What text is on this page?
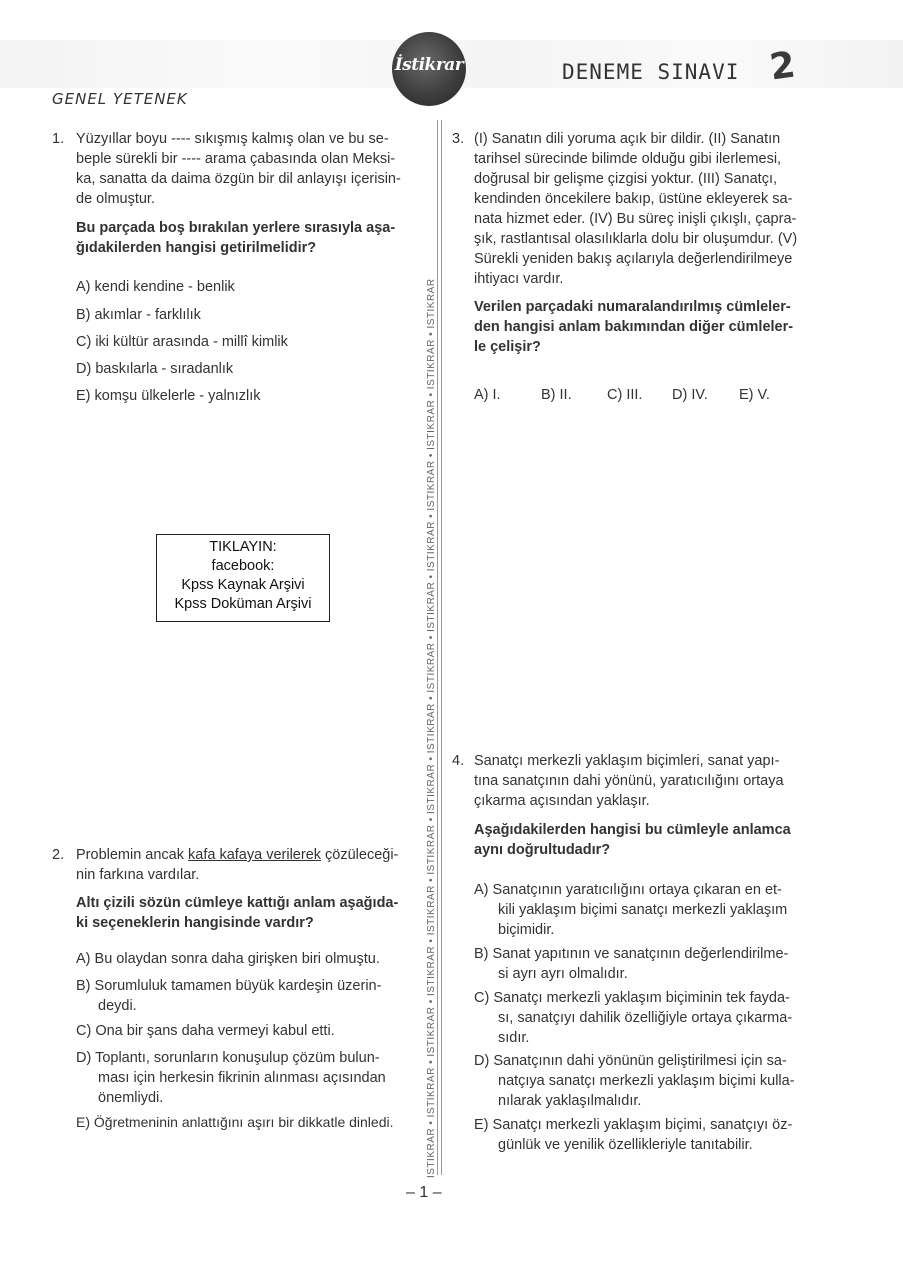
İstikrar
GENEL YETENEK
DENEME SINAVI 2
İSTİKRAR • İSTİKRAR • İSTİKRAR • İSTİKRAR • İSTİKRAR • İSTİKRAR • İSTİKRAR • İSTİKRAR • İSTİKRAR • İSTİKRAR • İSTİKRAR • İSTİKRAR • İSTİKRAR • İSTİKRAR • İSTİKRAR
1. Yüzyıllar boyu ---- sıkışmış kalmış olan ve bu se-
beple sürekli bir ---- arama çabasında olan Meksi-
ka, sanatta da daima özgün bir dil anlayışı içerisin-
de olmuştur.
Bu parçada boş bırakılan yerlere sırasıyla aşa-
ğıdakilerden hangisi getirilmelidir?
A) kendi kendine - benlik
B) akımlar - farklılık
C) iki kültür arasında - millî kimlik
D) baskılarla - sıradanlık
E) komşu ülkelerle - yalnızlık
TIKLAYIN:
facebook:
Kpss Kaynak Arşivi
Kpss Doküman Arşivi
2. Problemin ancak kafa kafaya verilerek çözüleceği-
nin farkına vardılar.
Altı çizili sözün cümleye kattığı anlam aşağıda-
ki seçeneklerin hangisinde vardır?
A) Bu olaydan sonra daha girişken biri olmuştu.
B) Sorumluluk tamamen büyük kardeşin üzerin-
deydi.
C) Ona bir şans daha vermeyi kabul etti.
D) Toplantı, sorunların konuşulup çözüm bulun-
ması için herkesin fikrinin alınması açısından
önemliydi.
E) Öğretmeninin anlattığını aşırı bir dikkatle dinledi.
3. (I) Sanatın dili yoruma açık bir dildir. (II) Sanatın
tarihsel sürecinde bilimde olduğu gibi ilerlemesi,
doğrusal bir gelişme çizgisi yoktur. (III) Sanatçı,
kendinden öncekilere bakıp, üstüne ekleyerek sa-
nata hizmet eder. (IV) Bu süreç inişli çıkışlı, çapra-
şık, rastlantısal olasılıklarla dolu bir oluşumdur. (V)
Sürekli yeniden bakış açılarıyla değerlendirilmeye
ihtiyacı vardır.
Verilen parçadaki numaralandırılmış cümleler-
den hangisi anlam bakımından diğer cümleler-
le çelişir?
A) I.	B) II. C) III. D) IV. E) V.
4. Sanatçı merkezli yaklaşım biçimleri, sanat yapı-
tına sanatçının dahi yönünü, yaratıcılığını ortaya
çıkarma açısından yaklaşır.
Aşağıdakilerden hangisi bu cümleyle anlamca
aynı doğrultudadır?
A) Sanatçının yaratıcılığını ortaya çıkaran en et-
kili yaklaşım biçimi sanatçı merkezli yaklaşım
biçimidir.
B) Sanat yapıtının ve sanatçının değerlendirilme-
si ayrı ayrı olmalıdır.
C) Sanatçı merkezli yaklaşım biçiminin tek fayda-
sı, sanatçıyı dahilik özelliğiyle ortaya çıkarma-
sıdır.
D) Sanatçının dahi yönünün geliştirilmesi için sa-
natçıya sanatçı merkezli yaklaşım biçimi kulla-
nılarak yaklaşılmalıdır.
E) Sanatçı merkezli yaklaşım biçimi, sanatçıyı öz-
günlük ve yenilik özellikleriyle tanıtabilir.
– 1 –
